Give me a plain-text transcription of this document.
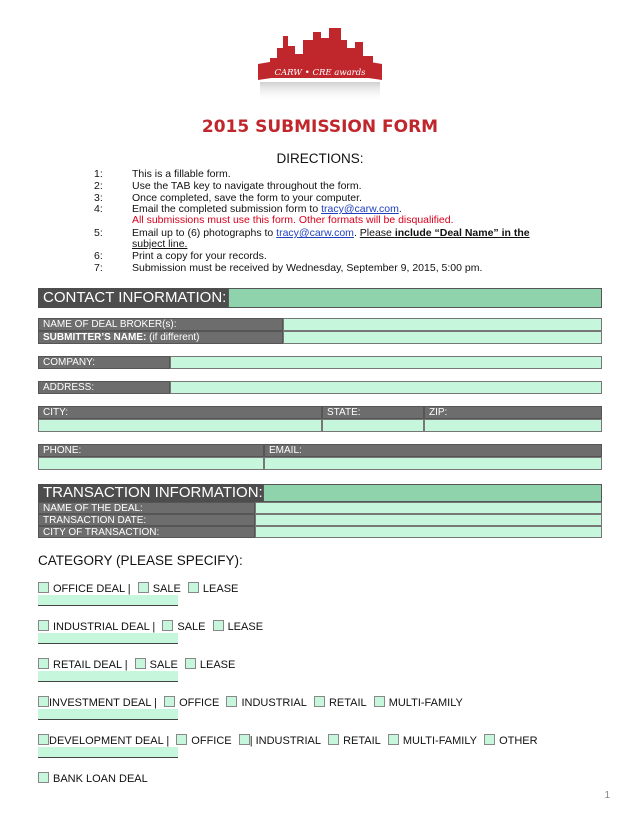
CARW • CRE awards
2015 SUBMISSION FORM
DIRECTIONS:
1:	This is a fillable form.
2:	Use the TAB key to navigate throughout the form.
3:	Once completed, save the form to your computer.
4:	Email the completed submission form to tracy@carw.com.
All submissions must use this form. Other formats will be disqualified.
5:	Email up to (6) photographs to tracy@carw.com. Please include “Deal Name” in the
subject line.
6:	Print a copy for your records.
7:	Submission must be received by Wednesday, September 9, 2015, 5:00 pm.
CONTACT INFORMATION:
NAME OF DEAL BROKER(s):
SUBMITTER’S NAME: (if different)
COMPANY:
ADDRESS:
CITY:	STATE:	ZIP:
PHONE:	EMAIL:
TRANSACTION INFORMATION:
NAME OF THE DEAL:
TRANSACTION DATE:
CITY OF TRANSACTION:
CATEGORY (PLEASE SPECIFY):
OFFICE DEAL | SALE LEASE
INDUSTRIAL DEAL | SALE LEASE
RETAIL DEAL | SALE LEASE
INVESTMENT DEAL | OFFICE INDUSTRIAL RETAIL MULTI-FAMILY
DEVELOPMENT DEAL | OFFICE | INDUSTRIAL RETAIL MULTI-FAMILY OTHER
BANK LOAN DEAL
1
